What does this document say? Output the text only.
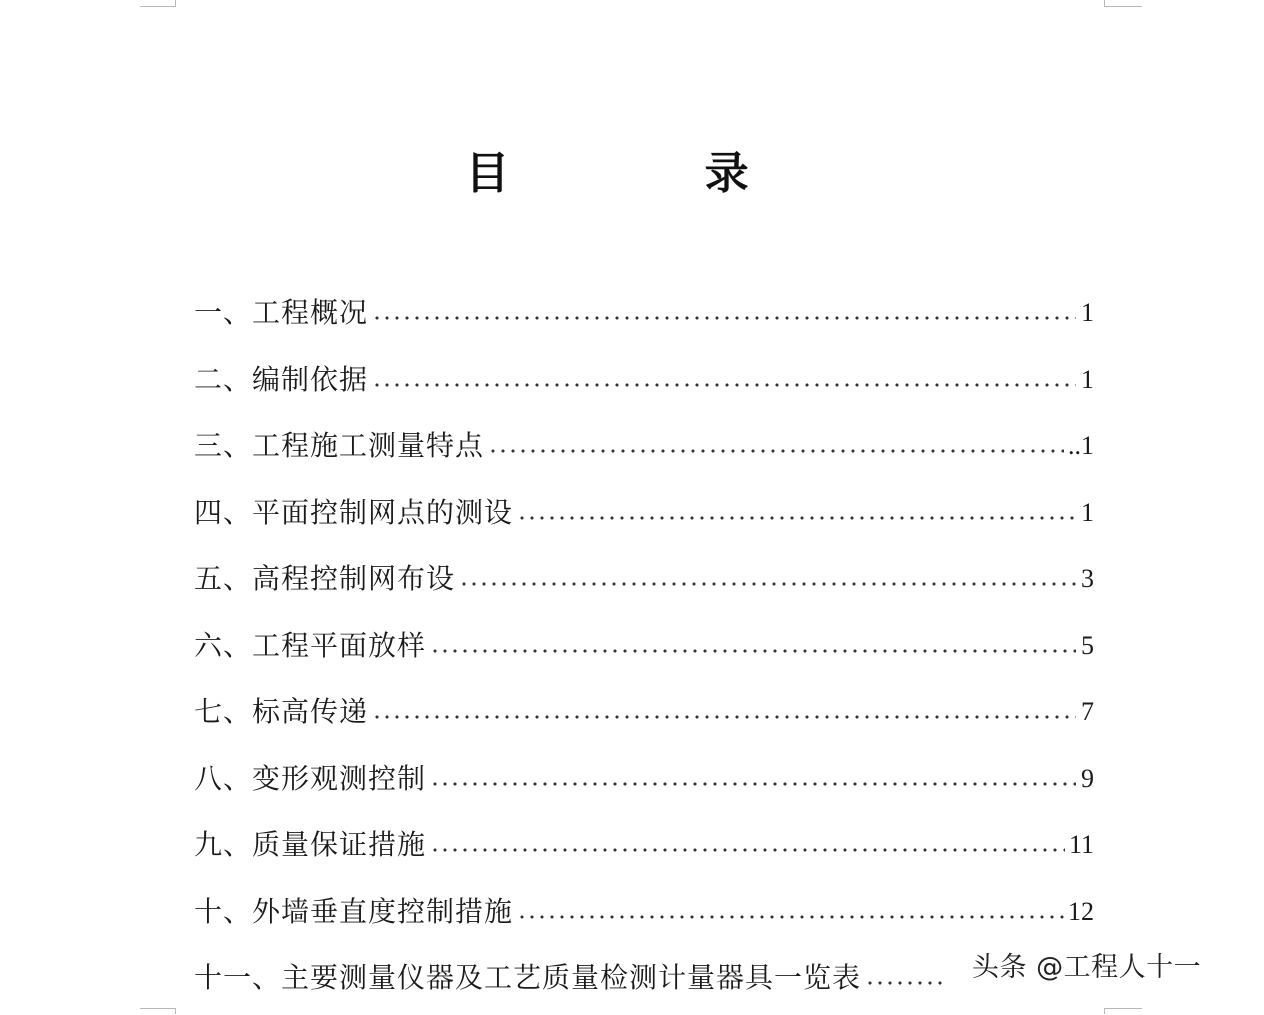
目 录
一、工程概况	1
二、编制依据	1
三、工程施工测量特点	..1
四、平面控制网点的测设	1
五、高程控制网布设	3
六、工程平面放样	5
七、标高传递	7
八、变形观测控制	9
九、质量保证措施	11
十、外墙垂直度控制措施	12
十一、主要测量仪器及工艺质量检测计量器具一览表	头条 @工程人十一
